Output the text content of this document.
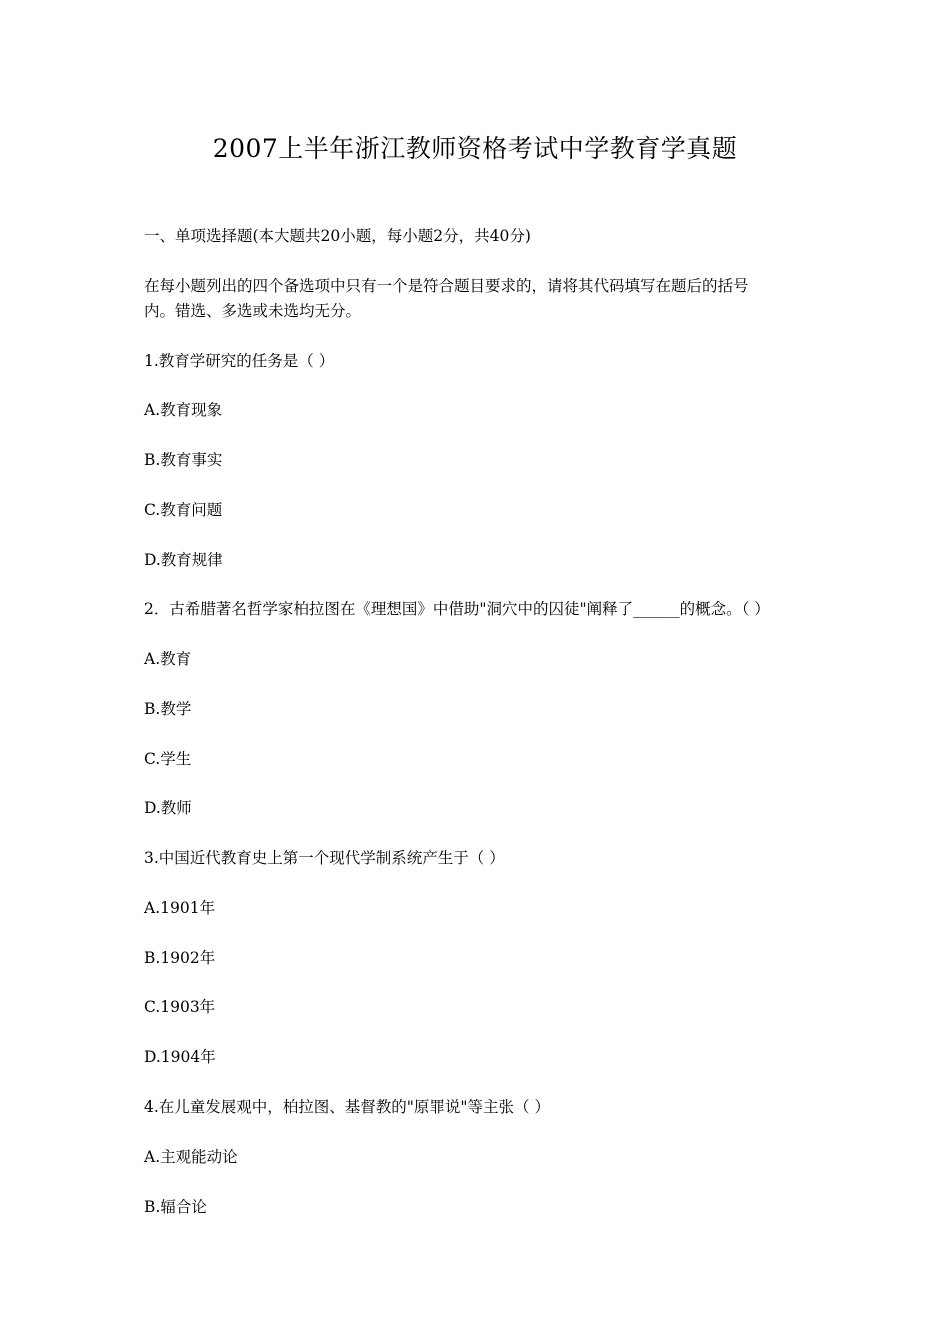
2007上半年浙江教师资格考试中学教育学真题
一、单项选择题(本大题共20小题，每小题2分，共40分)
在每小题列出的四个备选项中只有一个是符合题目要求的，请将其代码填写在题后的括号
内。错选、多选或未选均无分。
1.教育学研究的任务是（ ）
A.教育现象
B.教育事实
C.教育问题
D.教育规律
2．古希腊著名哲学家柏拉图在《理想国》中借助"洞穴中的囚徒"阐释了______的概念。（ ）
A.教育
B.教学
C.学生
D.教师
3.中国近代教育史上第一个现代学制系统产生于（ ）
A.1901年
B.1902年
C.1903年
D.1904年
4.在儿童发展观中，柏拉图、基督教的"原罪说"等主张（ ）
A.主观能动论
B.辐合论
